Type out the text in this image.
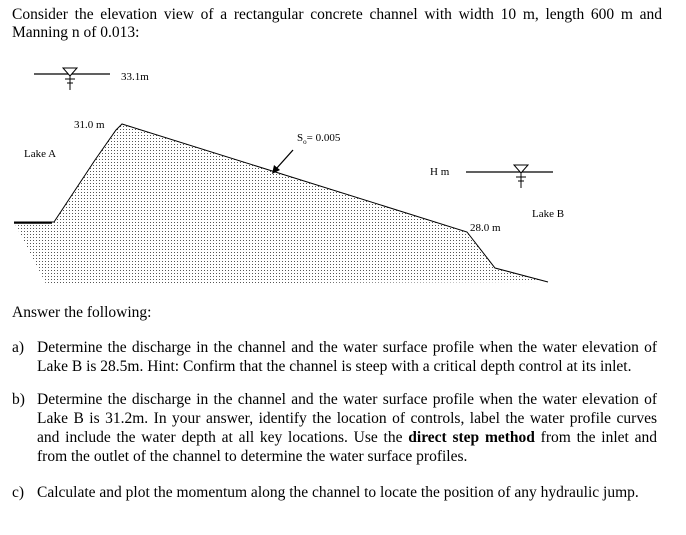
Consider the elevation view of a rectangular concrete channel with width 10 m, length 600 m and
Manning n of 0.013:
33.1m
Lake A
31.0 m
$S_o= 0.005$
H m
Lake B
28.0 m
Answer the following:
a) Determine the discharge in the channel and the water surface profile when the water elevation of Lake B is 28.5m. Hint: Confirm that the channel is steep with a critical depth control at its inlet.
b) Determine the discharge in the channel and the water surface profile when the water elevation of Lake B is 31.2m. In your answer, identify the location of controls, label the water profile curves and include the water depth at all key locations. Use the direct step method from the inlet and from the outlet of the channel to determine the water surface profiles.
c) Calculate and plot the momentum along the channel to locate the position of any hydraulic jump.
